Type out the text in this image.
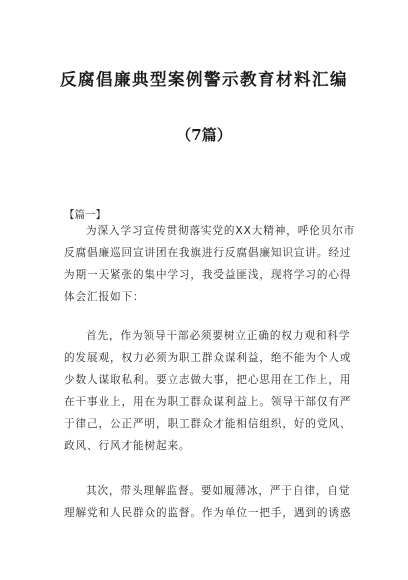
反腐倡廉典型案例警示教育材料汇编
（7篇）
【篇一】

为深入学习宣传贯彻落实党的XX大精神，呼伦贝尔市
反腐倡廉巡回宣讲团在我旗进行反腐倡廉知识宣讲。经过
为期一天紧张的集中学习，我受益匪浅，现将学习的心得
体会汇报如下：

首先，作为领导干部必须要树立正确的权力观和科学
的发展观，权力必须为职工群众谋利益，绝不能为个人或
少数人谋取私利。要立志做大事，把心思用在工作上，用
在干事业上，用在为职工群众谋利益上。领导干部仅有严
于律己，公正严明，职工群众才能相信组织，好的党风、
政风、行风才能树起来。

其次，带头理解监督。要如履薄冰，严于自律，自觉
理解党和人民群众的监督。作为单位一把手，遇到的诱惑
